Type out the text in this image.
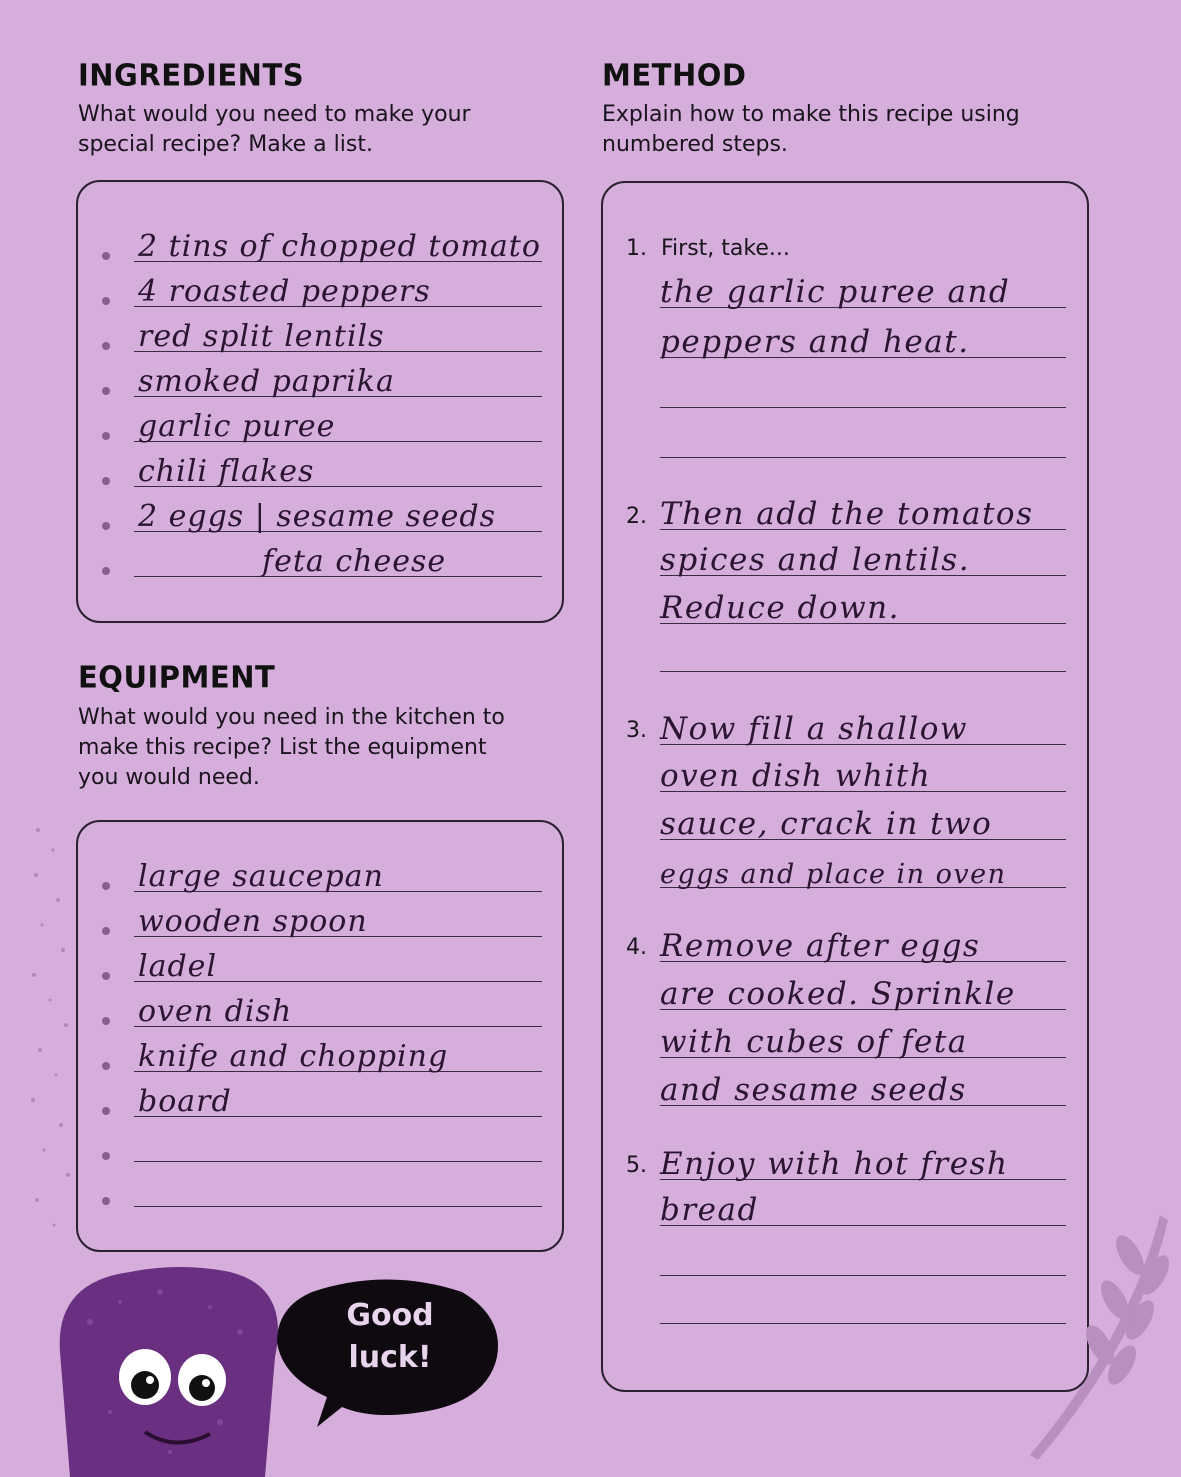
INGREDIENTS

What would you need to make your

special recipe? Make a list.

METHOD

Explain how to make this recipe using

numbered steps.

EQUIPMENT

What would you need in the kitchen to

make this recipe? List the equipment

you would need.

2 tins of chopped tomato
4 roasted peppers
red split lentils
smoked paprika
garlic puree
chili flakes
2 eggs | sesame seeds
feta cheese
large saucepan
wooden spoon
ladel
oven dish
knife and chopping
board
1. First, take...
the garlic puree and
peppers and heat.
2. Then add the tomatos
spices and lentils.
Reduce down.
3. Now fill a shallow
oven dish whith
sauce, crack in two
eggs and place in oven
4. Remove after eggs
are cooked. Sprinkle
with cubes of feta
and sesame seeds
5. Enjoy with hot fresh
bread
Good
luck!
